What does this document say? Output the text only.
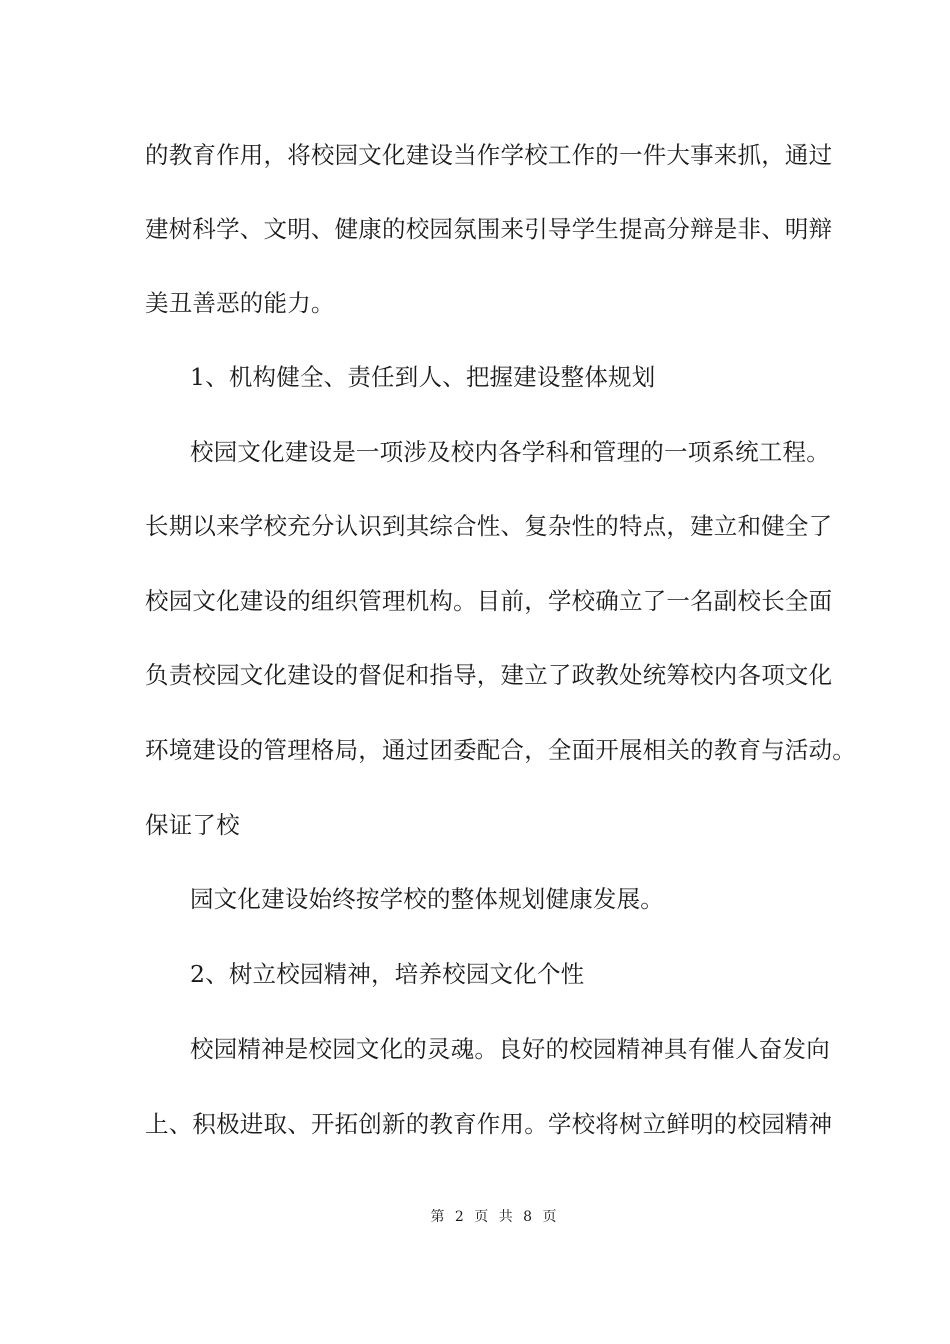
的教育作用，将校园文化建设当作学校工作的一件大事来抓，通过
建树科学、文明、健康的校园氛围来引导学生提高分辩是非、明辩
美丑善恶的能力。
1、机构健全、责任到人、把握建设整体规划
校园文化建设是一项涉及校内各学科和管理的一项系统工程。
长期以来学校充分认识到其综合性、复杂性的特点，建立和健全了
校园文化建设的组织管理机构。目前，学校确立了一名副校长全面
负责校园文化建设的督促和指导，建立了政教处统筹校内各项文化
环境建设的管理格局，通过团委配合，全面开展相关的教育与活动。
保证了校
园文化建设始终按学校的整体规划健康发展。
2、树立校园精神，培养校园文化个性
校园精神是校园文化的灵魂。良好的校园精神具有催人奋发向
上、积极进取、开拓创新的教育作用。学校将树立鲜明的校园精神
第 2 页 共 8 页
